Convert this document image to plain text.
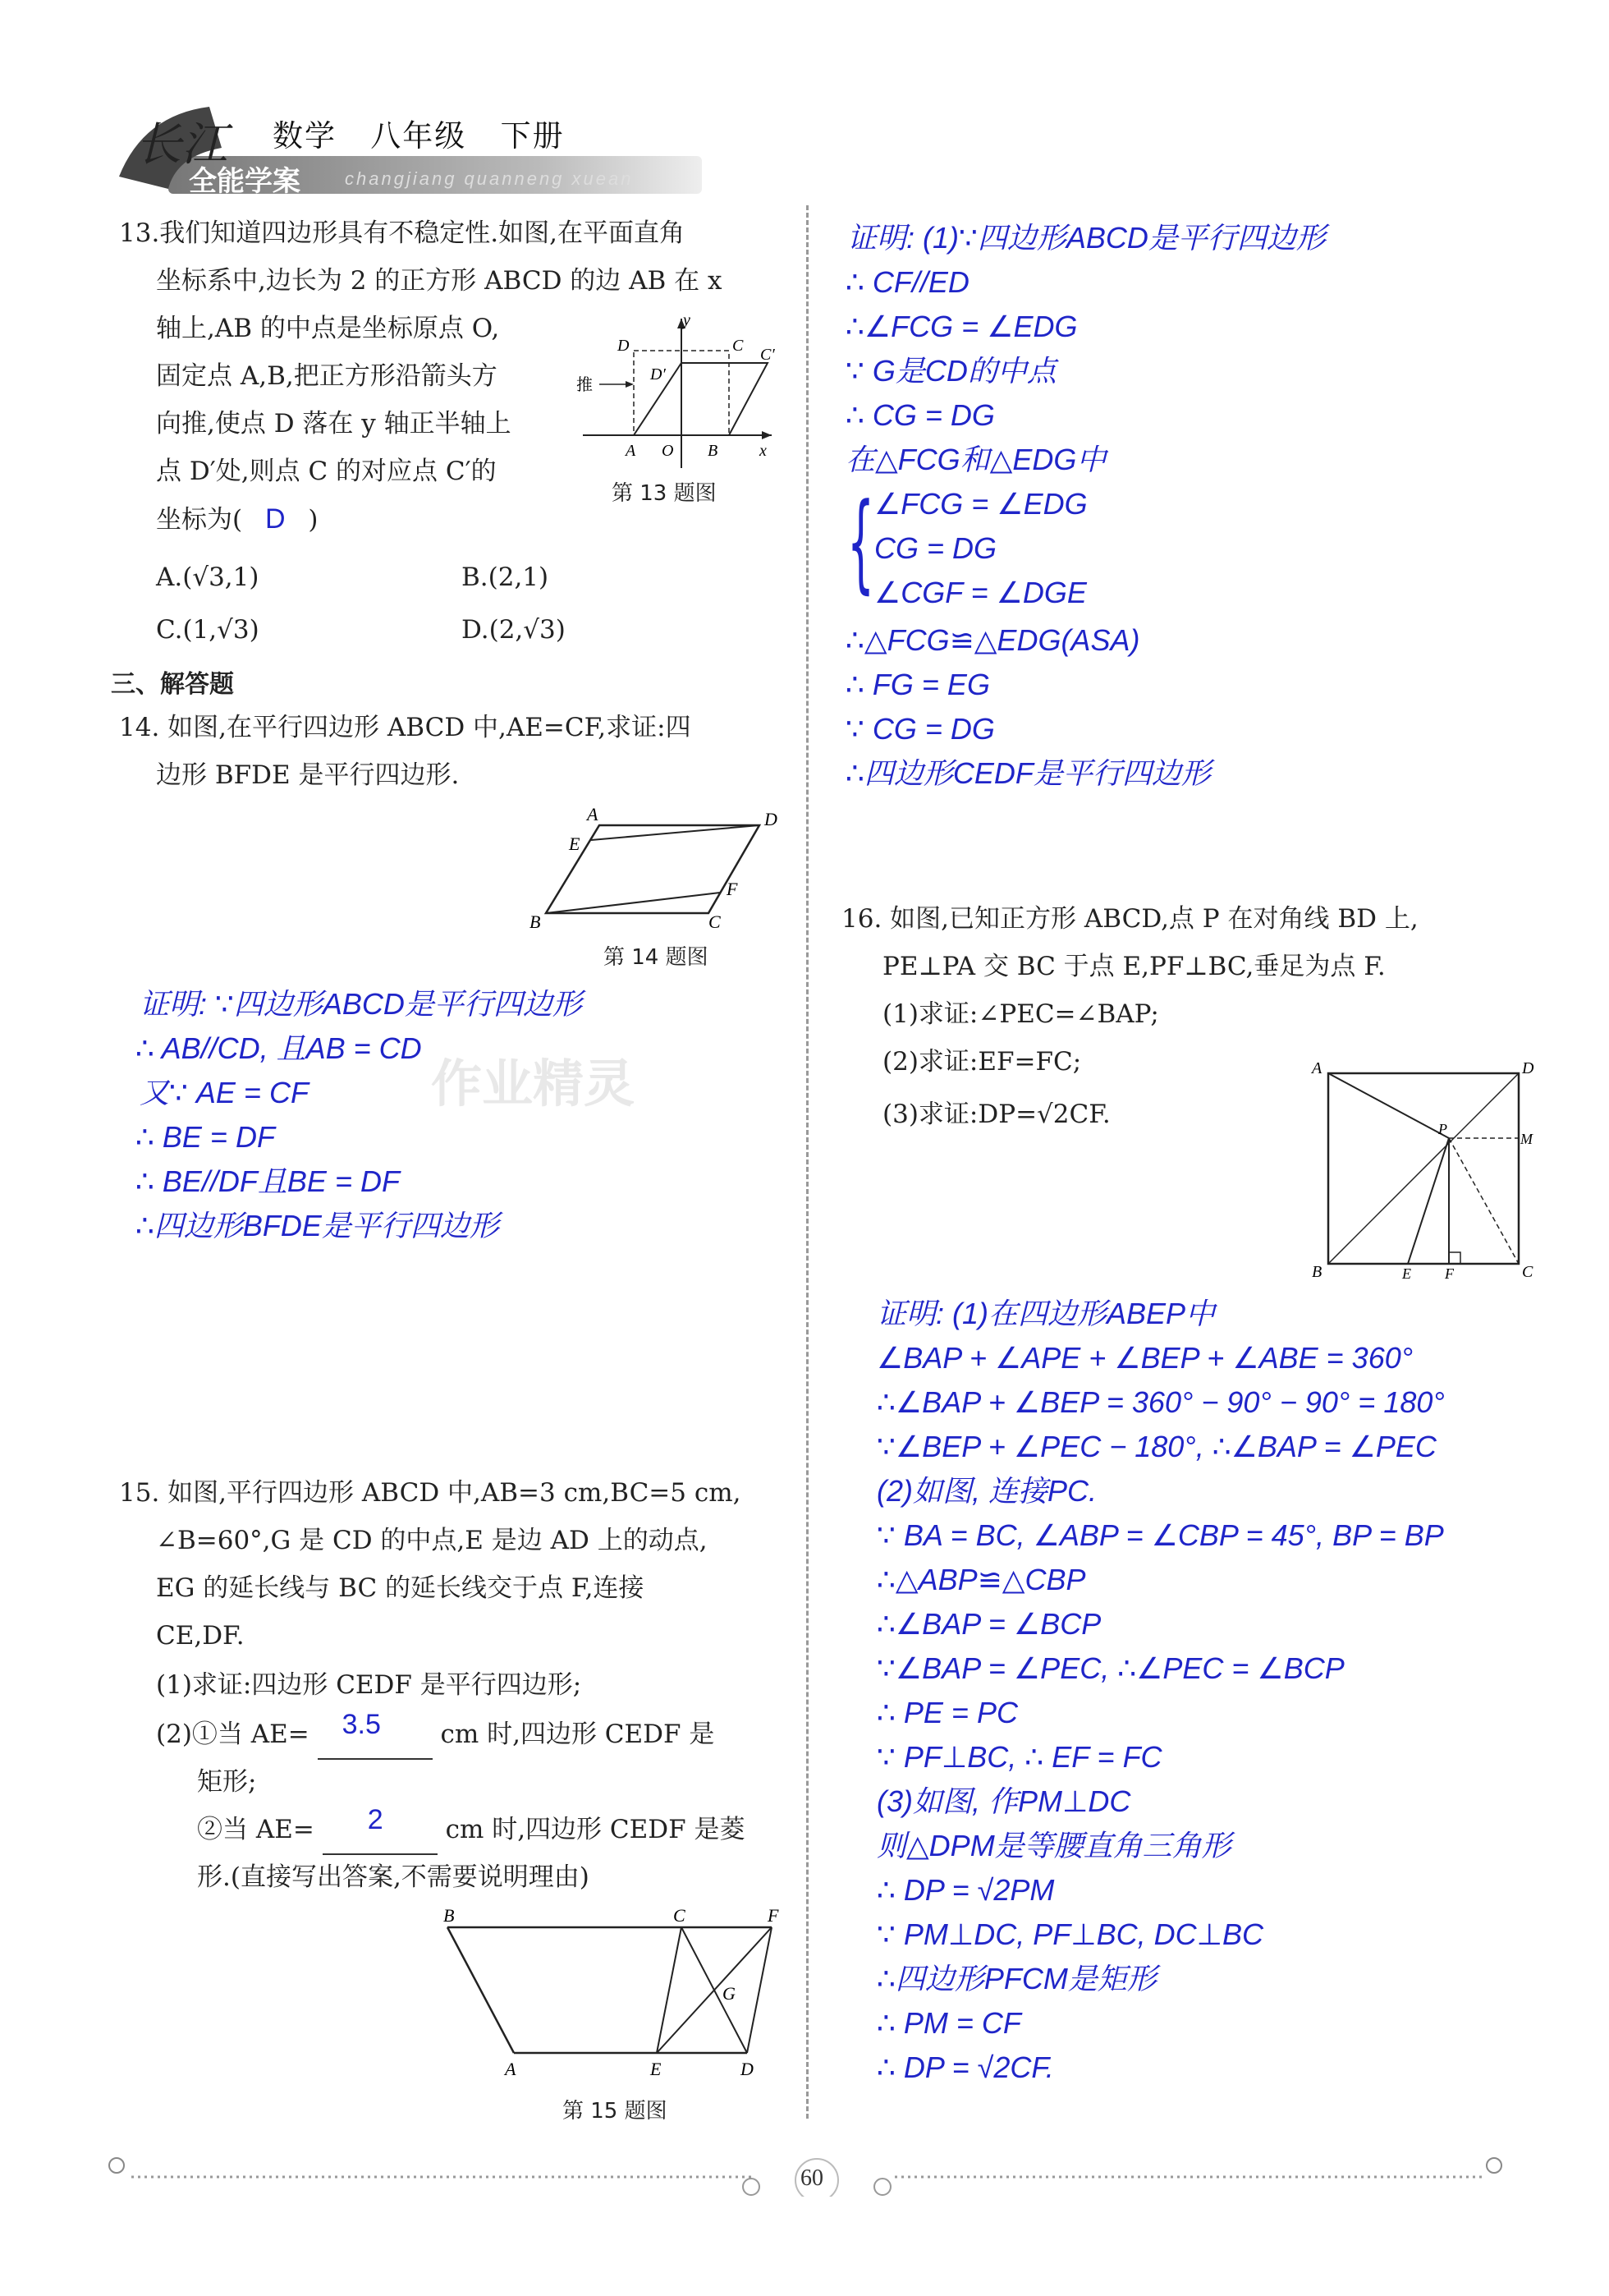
长江
全能学案
数学   八年级   下册
changjiang quanneng xuean
13.我们知道四边形具有不稳定性.如图,在平面直角
坐标系中,边长为 2 的正方形 ABCD 的边 AB 在 x
轴上,AB 的中点是坐标原点 O,
固定点 A,B,把正方形沿箭头方
向推,使点 D 落在 y 轴正半轴上
点 D′处,则点 C 的对应点 C′的
坐标为( D )
y
D
D′
C C′
推
A O B	x
第 13 题图
A.(√3,1)	B.(2,1)
C.(1,√3)	D.(2,√3)
三、解答题
14. 如图,在平行四边形 ABCD 中,AE=CF,求证:四
边形 BFDE 是平行四边形.
A	D
E
F
B	C
第 14 题图
证明: ∵四边形ABCD是平行四边形
∴ AB//CD, 且AB = CD
又∵ AE = CF
∴ BE = DF
∴ BE//DF且BE = DF
∴四边形BFDE是平行四边形
作业精灵
15. 如图,平行四边形 ABCD 中,AB=3 cm,BC=5 cm,
∠B=60°,G 是 CD 的中点,E 是边 AD 上的动点,
EG 的延长线与 BC 的延长线交于点 F,连接
CE,DF.
(1)求证:四边形 CEDF 是平行四边形;
(2)①当 AE= 3.5 cm 时,四边形 CEDF 是
矩形;
②当 AE= 2 cm 时,四边形 CEDF 是菱
形.(直接写出答案,不需要说明理由)
B	C	F
G
A	E	D
第 15 题图
证明: (1)∵四边形ABCD是平行四边形
∴ CF//ED
∴∠FCG = ∠EDG
∵ G是CD的中点
∴ CG = DG
在△FCG和△EDG中
{ ∠FCG = ∠EDG
CG = DG
∠CGF = ∠DGE
∴△FCG≌△EDG(ASA)
∴ FG = EG
∵ CG = DG
∴四边形CEDF是平行四边形
16. 如图,已知正方形 ABCD,点 P 在对角线 BD 上,
PE⊥PA 交 BC 于点 E,PF⊥BC,垂足为点 F.
(1)求证:∠PEC=∠BAP;
(2)求证:EF=FC;
(3)求证:DP=√2CF.
A	D
P
M
B	E F	C
证明: (1)在四边形ABEP中
∠BAP + ∠APE + ∠BEP + ∠ABE = 360°
∴∠BAP + ∠BEP = 360° − 90° − 90° = 180°
∵∠BEP + ∠PEC − 180°, ∴∠BAP = ∠PEC
(2)如图, 连接PC.
∵ BA = BC, ∠ABP = ∠CBP = 45°, BP = BP
∴△ABP≌△CBP
∴∠BAP = ∠BCP
∵∠BAP = ∠PEC, ∴∠PEC = ∠BCP
∴ PE = PC
∵ PF⊥BC, ∴ EF = FC
(3)如图, 作PM⊥DC
则△DPM是等腰直角三角形
∴ DP = √2PM
∵ PM⊥DC, PF⊥BC, DC⊥BC
∴四边形PFCM是矩形
∴ PM = CF
∴ DP = √2CF.
60
